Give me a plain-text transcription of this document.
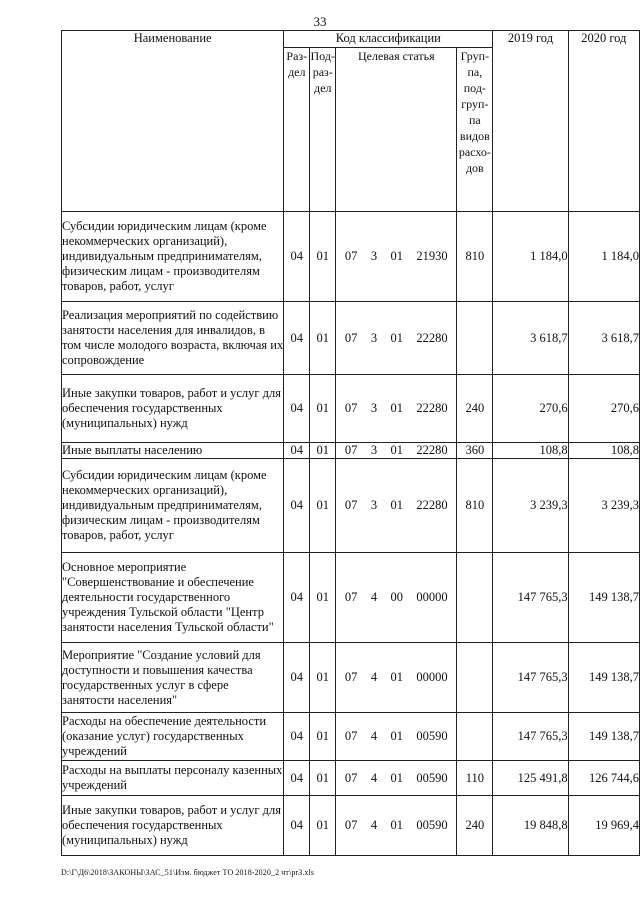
33
Наименование	Код классификации				2019 год	2020 год
	Раз-дел	Под-раз-дел	Целевая статья	Груп-па, под-груп-па видов расхо-дов		
Субсидии юридическим лицам (кроме некоммерческих организаций), индивидуальным предпринимателям, физическим лицам - производителям товаров, работ, услуг	04	01	07 3 01 21930	810	1 184,0	1 184,0
Реализация мероприятий по содействию занятости населения для инвалидов, в том числе молодого возраста, включая их сопровождение	04	01	07 3 01 22280		3 618,7	3 618,7
Иные закупки товаров, работ и услуг для обеспечения государственных (муниципальных) нужд	04	01	07 3 01 22280	240	270,6	270,6
Иные выплаты населению	04	01	07 3 01 22280	360	108,8	108,8
Субсидии юридическим лицам (кроме некоммерческих организаций), индивидуальным предпринимателям, физическим лицам - производителям товаров, работ, услуг	04	01	07 3 01 22280	810	3 239,3	3 239,3
Основное мероприятие "Совершенствование и обеспечение деятельности государственного учреждения Тульской области "Центр занятости населения Тульской области"	04	01	07 4 00 00000		147 765,3	149 138,7
Мероприятие "Создание условий для доступности и повышения качества государственных услуг в сфере занятости населения"	04	01	07 4 01 00000		147 765,3	149 138,7
Расходы на обеспечение деятельности (оказание услуг) государственных учреждений	04	01	07 4 01 00590		147 765,3	149 138,7
Расходы на выплаты персоналу казенных учреждений	04	01	07 4 01 00590	110	125 491,8	126 744,6
Иные закупки товаров, работ и услуг для обеспечения государственных (муниципальных) нужд	04	01	07 4 01 00590	240	19 848,8	19 969,4
D:\Г\Д6\2018\ЗАКОНЫ\ЗАС_51\Изм. бюджет ТО 2018-2020_2 чт\pr3.xls
